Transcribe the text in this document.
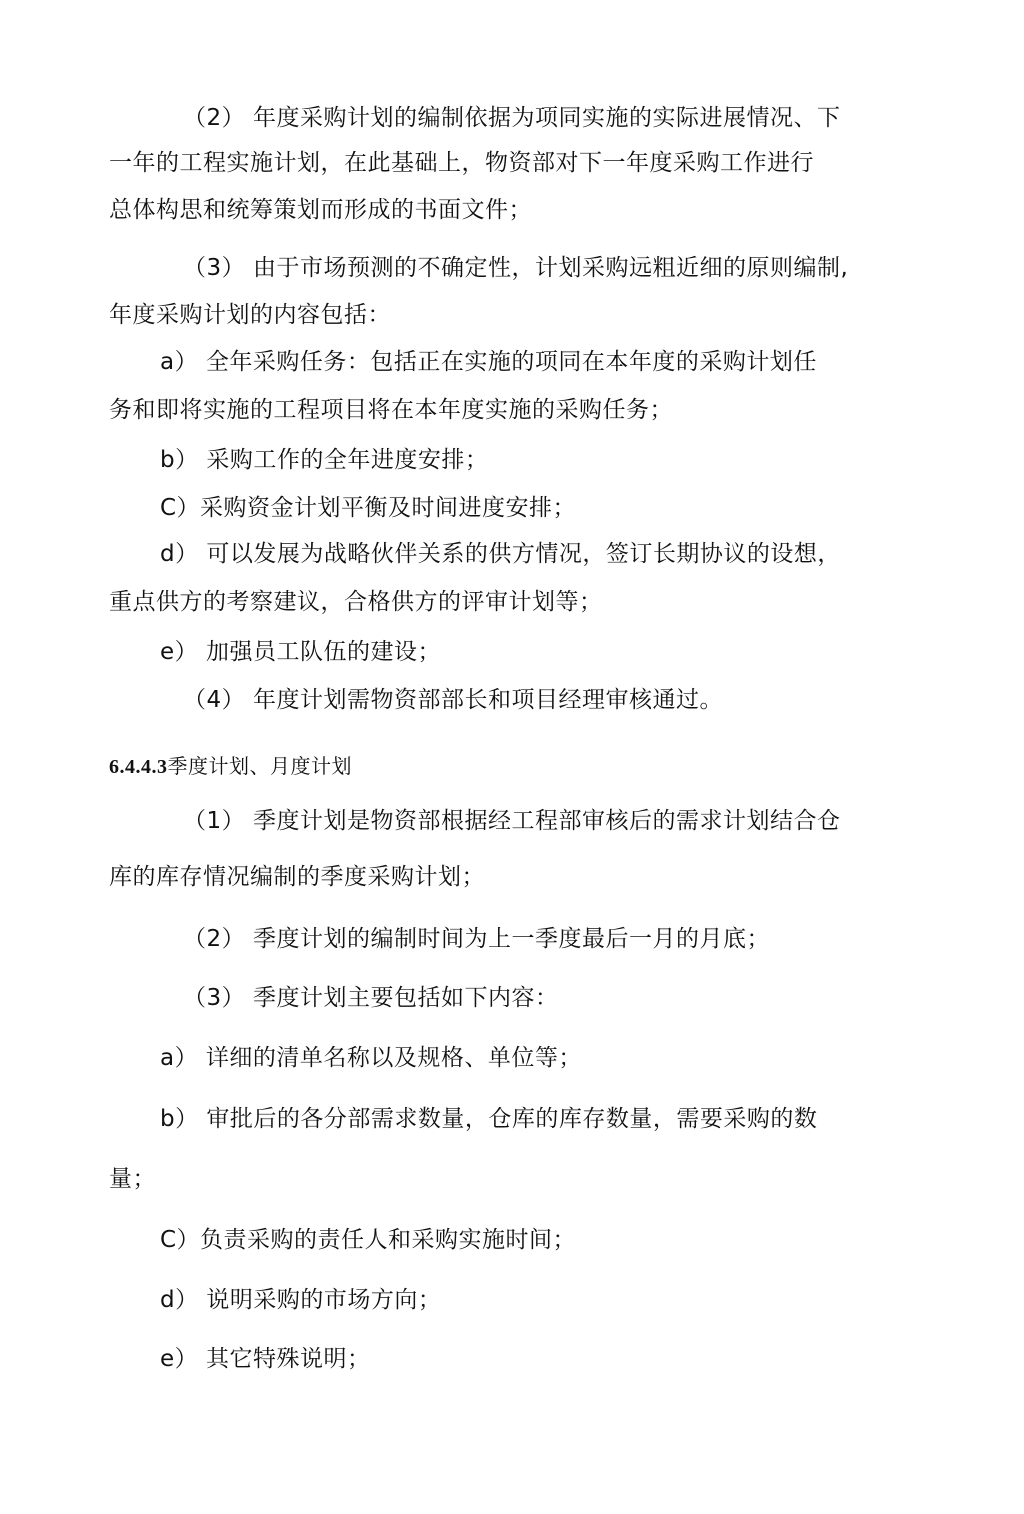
（2） 年度采购计划的编制依据为项同实施的实际进展情况、下
一年的工程实施计划，在此基础上，物资部对下一年度采购工作进行
总体构思和统筹策划而形成的书面文件；
（3） 由于市场预测的不确定性，计划采购远粗近细的原则编制,
年度采购计划的内容包括：
a） 全年采购任务：包括正在实施的项同在本年度的采购计划任
务和即将实施的工程项目将在本年度实施的采购任务；
b） 采购工作的全年进度安排；
C）采购资金计划平衡及时间进度安排；
d） 可以发展为战略伙伴关系的供方情况，签订长期协议的设想，
重点供方的考察建议，合格供方的评审计划等；
e） 加强员工队伍的建设；
（4） 年度计划需物资部部长和项目经理审核通过。
6.4.4.3季度计划、月度计划
（1） 季度计划是物资部根据经工程部审核后的需求计划结合仓
库的库存情况编制的季度采购计划；
（2） 季度计划的编制时间为上一季度最后一月的月底；
（3） 季度计划主要包括如下内容：
a） 详细的清单名称以及规格、单位等；
b） 审批后的各分部需求数量，仓库的库存数量，需要采购的数
量；
C）负责采购的责任人和采购实施时间；
d） 说明采购的市场方向；
e） 其它特殊说明；
